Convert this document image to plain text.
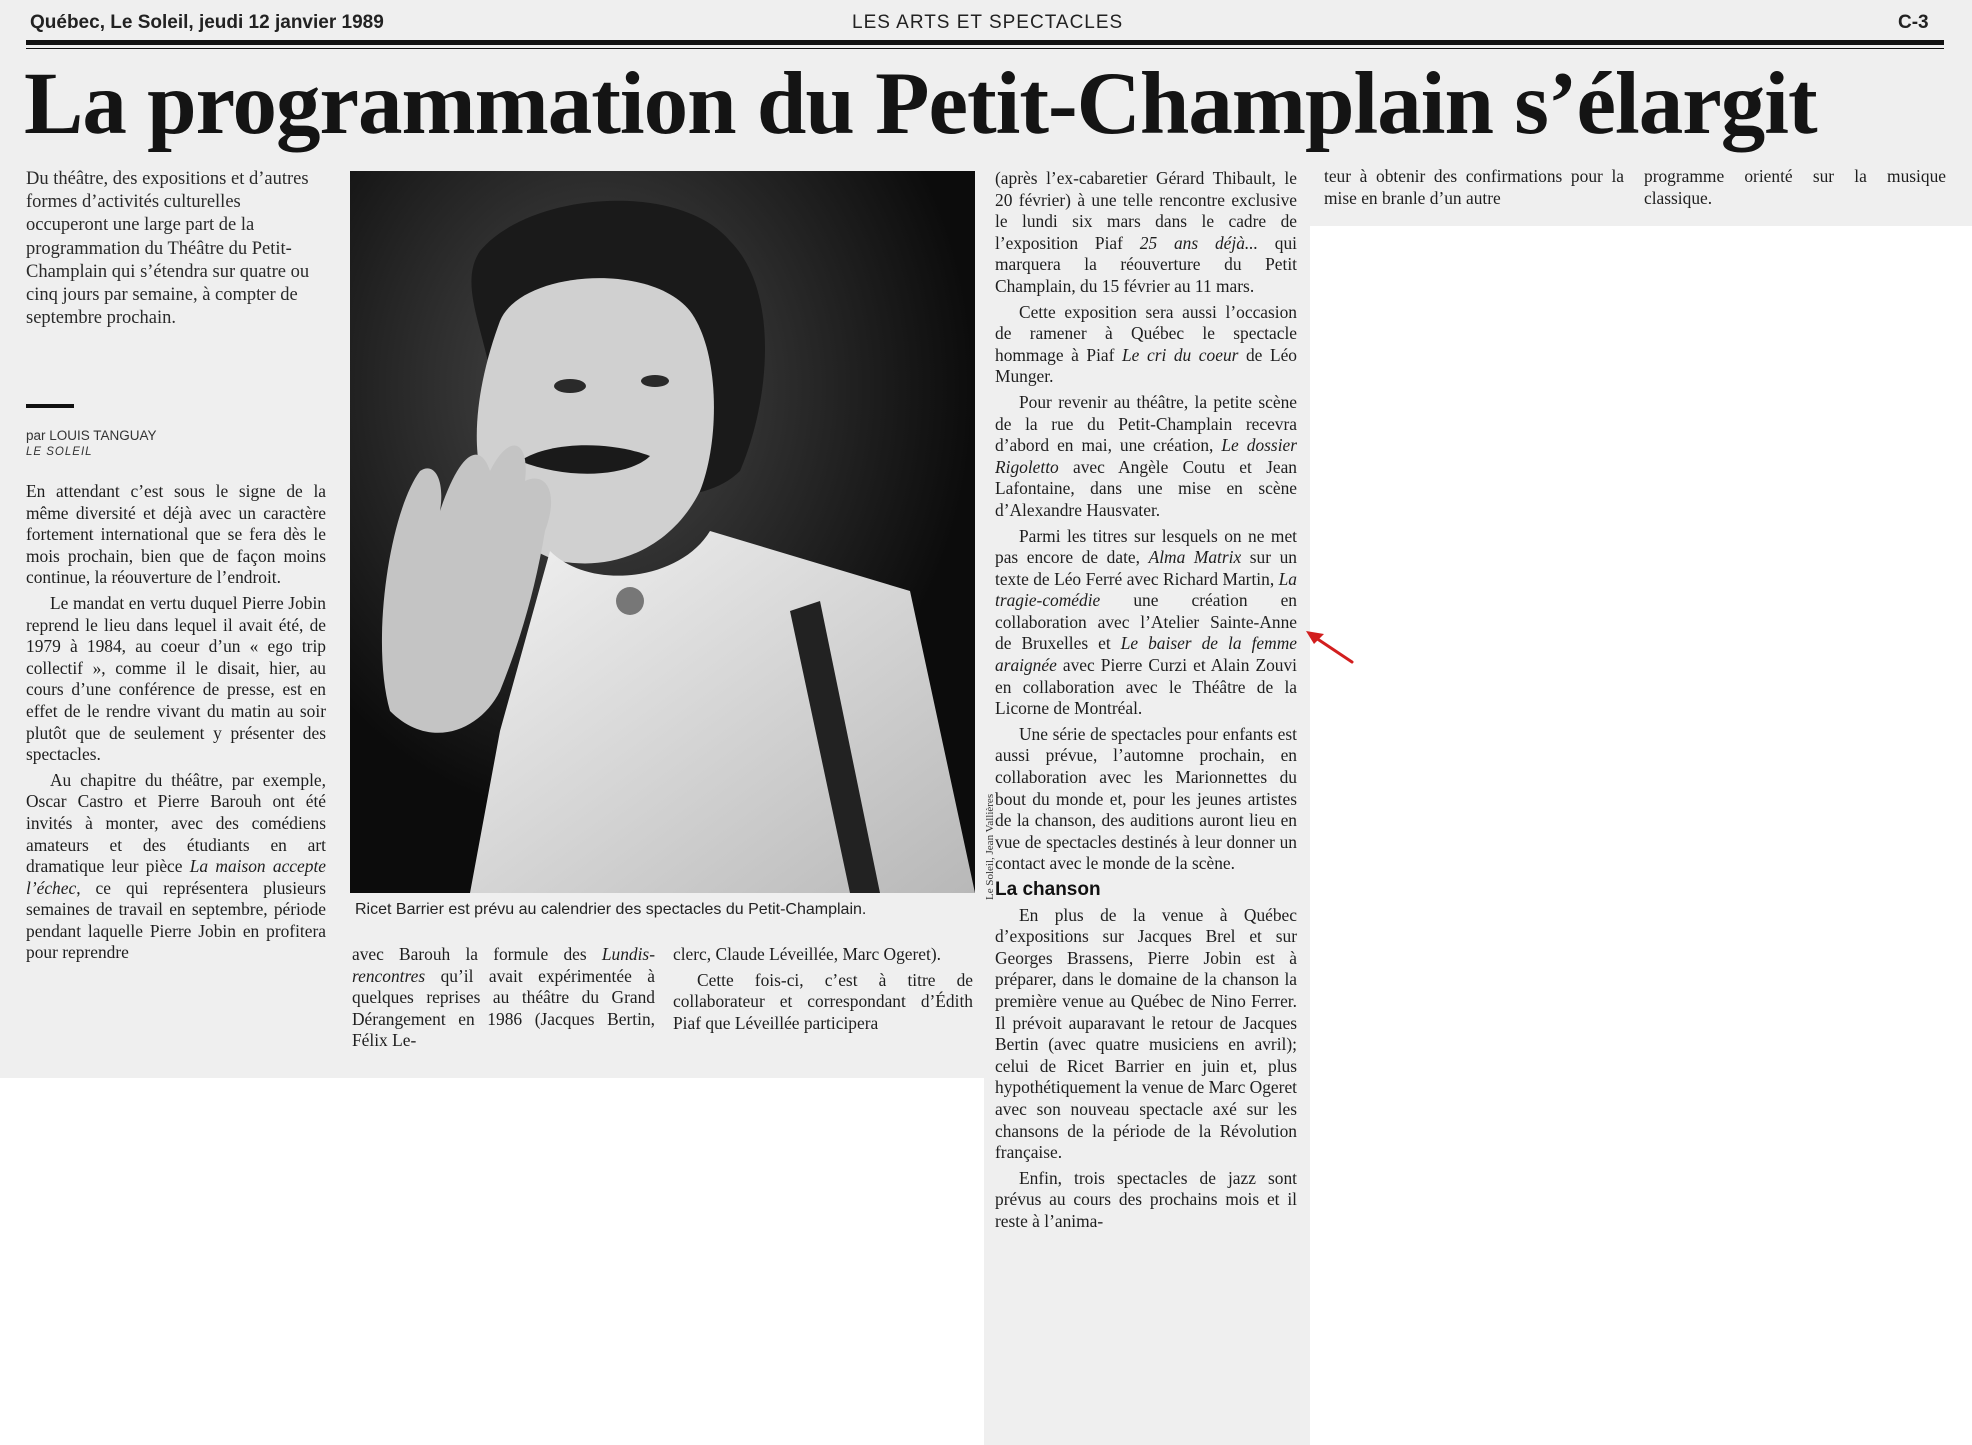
Québec, Le Soleil, jeudi 12 janvier 1989	LES ARTS ET SPECTACLES	C-3
La programmation du Petit-Champlain s’élargit
Du théâtre, des expositions et d’autres formes d’activités culturelles occuperont une large part de la programmation du Théâtre du Petit-Champlain qui s’étendra sur quatre ou cinq jours par semaine, à compter de septembre prochain.
par LOUIS TANGUAY
LE SOLEIL

En attendant c’est sous le signe de la même diversité et déjà avec un caractère fortement international que se fera dès le mois prochain, bien que de façon moins continue, la réouverture de l’endroit.

Le mandat en vertu duquel Pierre Jobin reprend le lieu dans lequel il avait été, de 1979 à 1984, au coeur d’un « ego trip collectif », comme il le disait, hier, au cours d’une conférence de presse, est en effet de le rendre vivant du matin au soir plutôt que de seulement y présenter des spectacles.

Au chapitre du théâtre, par exemple, Oscar Castro et Pierre Barouh ont été invités à monter, avec des comédiens amateurs et des étudiants en art dramatique leur pièce La maison accepte l’échec, ce qui représentera plusieurs semaines de travail en septembre, période pendant laquelle Pierre Jobin en profitera pour reprendre

Le Soleil, Jean Vallières
Ricet Barrier est prévu au calendrier des spectacles du Petit-Champlain.

avec Barouh la formule des Lundis-rencontres qu’il avait expérimentée à quelques reprises au théâtre du Grand Dérangement en 1986 (Jacques Bertin, Félix Le-

clerc, Claude Léveillée, Marc Ogeret).

Cette fois-ci, c’est à titre de collaborateur et correspondant d’Édith Piaf que Léveillée participera

(après l’ex-cabaretier Gérard Thibault, le 20 février) à une telle rencontre exclusive le lundi six mars dans le cadre de l’exposition Piaf 25 ans déjà... qui marquera la réouverture du Petit Champlain, du 15 février au 11 mars.

Cette exposition sera aussi l’occasion de ramener à Québec le spectacle hommage à Piaf Le cri du coeur de Léo Munger.

Pour revenir au théâtre, la petite scène de la rue du Petit-Champlain recevra d’abord en mai, une création, Le dossier Rigoletto avec Angèle Coutu et Jean Lafontaine, dans une mise en scène d’Alexandre Hausvater.

Parmi les titres sur lesquels on ne met pas encore de date, Alma Matrix sur un texte de Léo Ferré avec Richard Martin, La tragie-comédie une création en collaboration avec l’Atelier Sainte-Anne de Bruxelles et Le baiser de la femme araignée avec Pierre Curzi et Alain Zouvi en collaboration avec le Théâtre de la Licorne de Montréal.

Une série de spectacles pour enfants est aussi prévue, l’automne prochain, en collaboration avec les Marionnettes du bout du monde et, pour les jeunes artistes de la chanson, des auditions auront lieu en vue de spectacles destinés à leur donner un contact avec le monde de la scène.

La chanson

En plus de la venue à Québec d’expositions sur Jacques Brel et sur Georges Brassens, Pierre Jobin est à préparer, dans le domaine de la chanson la première venue au Québec de Nino Ferrer. Il prévoit auparavant le retour de Jacques Bertin (avec quatre musiciens en avril); celui de Ricet Barrier en juin et, plus hypothétiquement la venue de Marc Ogeret avec son nouveau spectacle axé sur les chansons de la période de la Révolution française.

Enfin, trois spectacles de jazz sont prévus au cours des prochains mois et il reste à l’anima-

teur à obtenir des confirmations pour la mise en branle d’un autre

programme orienté sur la musique classique.
